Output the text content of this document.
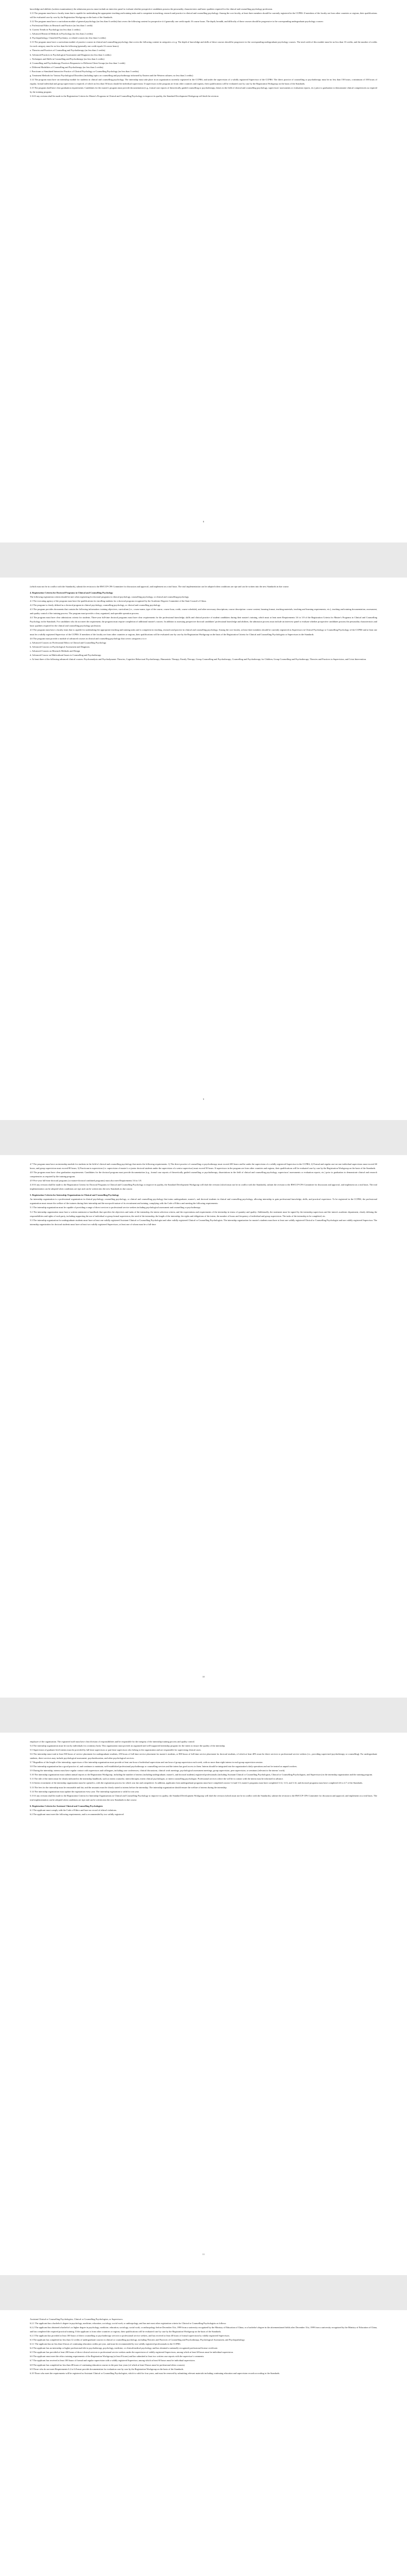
knowledge and abilities (written examinations); the admission process must include an interview panel to evaluate whether prospective candidates possess the personality characteristics and basic qualities required for the clinical and counselling psychology profession.

3.11 The program must have a faculty team that is capable for undertaking the appropriate teaching and training tasks and is competent in teaching, research and practice in clinical and counselling psychology. Among the core faculty, at least three members should be currently registered in the CCPRS. If members of the faculty are from other countries or regions, their qualifications will be evaluated case by case by the Registration Workgroup on the basis of the Standards.

3.12 The program must have a curriculum module of general psychology (no less than 6 credits) that covers the following content for prospective it if generally one credit equals 16 course hours. The depth, breadth, and difficulty of these courses should be progressive to the corresponding undergraduate psychology courses:

a. Professional Ethics in Research and Practice (no less than 1 credit)

b. Current Trends in Psychology (no less than 2 credits)

c. Advanced Research Methods in Psychology (no less than 2 credits)

d. Psychopathology, Classified Psychiatry, or related courses (no less than 2 credits)

3.13 The program must have a curriculum module of practice courses in clinical and counselling psychology that covers the following content in categories a to g. The depth of knowledge and skills of these courses should be progressive to the corresponding undergraduate psychology courses. The total credit of this module must be no less than 10 credits, and the number of credits for each category must be no less than the following (generally one credit equals 16 course hours):

a. Theories and Practices of Counselling and Psychotherapy (no less than 2 credits)

b. Advanced Practices in Psychological Assessment and Diagnosis (no less than 2 credits)

c. Techniques and Skills in Counselling and Psychotherapy (no less than 2 credits)

d. Counselling and Psychotherapy Practices Responsive to Different Client Groups (no less than 1 credit)

e. Different Modalities of Counselling and Psychotherapy (no less than 2 credits)

f. Practicum or Simulated Interactive Practice of Clinical Psychology or Counselling Psychology (no less than 3 credits)

g. Treatment Methods for Various Psychological Disorders (including topics on counselling and psychotherapy informed by Eastern and the Western cultures; no less than 2 credits)

3.14 The program must have an internship module for students in clinical and counselling psychology. The internship must take place in an organization currently registered in the CCPRS, and under the supervision of a validly registered Supervisor of the CCPRS. The direct practice of counselling or psychotherapy must be no less than 150 hours, a minimum of 100 hours of regular, formal individual and group supervision is required, of which no less than 50 hours should be individual supervision. If supervisors in the program are from other countries and regions, their qualifications will be evaluated case by case by the Registration Workgroup on the basis of the Standards.

3.15 The program shall have clear graduation requirements: Candidates for the master's program must provide documentation (e.g., formal case reports of theoretically guided counselling or psychotherapy, theses in the field of clinical and counselling psychology, supervisors' assessments or evaluation reports, etc.) prior to graduation to demonstrate clinical competencies as required by the training program.

3.16 If any revision shall be made to the Registration Criteria for Master's Programs in Clinical and Counselling Psychology to improve its quality, the Standard Development Workgroup will draft the revision

8

(which must not be in conflict with the Standards), submit the revision to the RWCCP-CPS Committee for discussion and approval, and implement on a trial basis. The trial implementation can be adopted when conditions are ripe and can be written into the new Standards in due course.

4. Registration Criteria for Doctoral Programs in Clinical and Counselling Psychology

The following registration criteria should be met when registering for doctoral programs in clinical psychology, counselling psychology, or clinical and counselling psychology.

4.1 The executing agency of the program must have the qualifications for enrolling students for a doctoral program recognized by the Academic Degrees Committee of the State Council of China.

4.2 The program is clearly defined as a doctoral program in clinical psychology, counselling psychology, or clinical and counselling psychology.

4.3 The program provides documents that contain the following information: training objectives, curriculum (i.e., course name, type of the course, course hour, credit, course schedule), and other necessary descriptions; course description: course content, learning format, teaching materials, teaching and learning requirements, etc.), teaching and training documentation, assessment, and quality control of the training process. The program must provide a clear, organized, and operable operation process.

4.4 The program must have clear admissions criteria for students. Three-year full-time doctoral programs must have clear requirements for the professional knowledge, skills and clinical practice of student candidates during their master's training, which must at least meet Requirements 3.6 to 3.9 of the Registration Criteria for Master's Programs in Clinical and Counselling Psychology in the Standards. For candidates who do not meet the requirement, the program must require completion of additional master's courses. In addition to assessing prospective doctoral candidates' professional knowledge and abilities, the admission process must include an interview panel to evaluate whether prospective candidates possess the personality characteristics and basic qualities required for the clinical and counselling psychology profession.

4.5 The program must have a faculty team that is capable for undertaking the appropriate teaching and training tasks and is competent in teaching, research and practice in clinical and counselling psychology. Among the core faculty, at least three members should be currently registered as Supervisors in Clinical Psychology or Counselling Psychology of the CCPRS and at least one must be a validly registered Supervisor of the CCPRS. If members of the faculty are from other countries or regions, their qualifications will be evaluated case by case by the Registration Workgroup on the basis of the Registration Criteria for Clinical and Counselling Psychologists or Supervisors in the Standards.

4.6 The program must provide a module of advanced courses in clinical and counselling psychology that covers categories a to e:

a. Advanced Courses on Professional Ethics in Clinical and Counselling Psychology

b. Advanced Courses on Psychological Assessment and Diagnosis

c. Advanced Courses on Research Methods and Design

d. Advanced Course on Multicultural Issues in Counselling and Psychotherapy

e. At least three of the following advanced clinical courses: Psychoanalysis and Psychodynamic Theories; Cognitive Behavioral Psychotherapy; Humanistic Therapy; Family Therapy; Group Counselling and Psychotherapy; Counselling and Psychotherapy for Children, Group Counselling and Psychotherapy; Theories and Practices in Supervision, and Crisis Intervention.

9

4.7 The program must have an internship module for students in the field of clinical and counselling psychology that meets the following requirements: 1) The direct practice of counselling or psychotherapy must exceed 200 hours and be under the supervision of a validly registered Supervisor in the CCPRS; 2) Formal and regular one-on-one individual supervision must exceed 60 hours, and group supervision must exceed 80 hours; 3) Practicum in supervision (i.e. supervision of master's or junior doctoral students under the supervision of a senior supervisor) must exceed 50 hours. If supervisors in the program are from other countries and regions, their qualifications will be evaluated case by case by the Registration Workgroup on the basis of the Standards.

4.8 The program must have clear graduation requirements: Candidates for the doctoral program must provide documentation (e.g., formal case reports of theoretically guided counselling or psychotherapy, dissertations in the field of clinical and counselling psychology, supervisors' assessments or evaluation reports, etc.) prior to graduation to demonstrate clinical and research competencies as required by the training program.

4.9 Five-year full-time doctoral programs (or master-doctoral combined programs) must also meet Requirements 3.6 to 3.9.

4.10 If any revision shall be made to the Registration Criteria for Doctoral Programs in Clinical and Counselling Psychology to improve its quality, the Standard Development Workgroup will draft the revision (which must not be in conflict with the Standards), submit the revision to the RWCCP-CPS Committee for discussion and approval, and implement on a trial basis. The trial implementation can be adopted when conditions are ripe and can be written into the new Standards in due course.

5. Registration Criteria for Internship Organizations in Clinical and Counselling Psychology

An internship organization is a professional organization in clinical psychology, counselling psychology, or clinical and counselling psychology that trains undergraduate, master's, and doctoral students in clinical and counselling psychology, allowing internship to gain professional knowledge, skills, and practical experience. To be registered in the CCPRS, the professional organization must ensure the welfare of the trainees during their internship and the non-profit nature of its recruitment and training, complying with the Code of Ethics and meeting the following requirements:

5.1 The internship organization must be capable of providing a range of direct services to professional service seekers including psychological assessment and counselling or psychotherapy.

5.2 The internship organization must have a written statement or handbook that specifies the objectives and tasks of the internship, the intern selection criteria, and the expectations and requirements of the internship in terms of quantity and quality. Additionally, the statement must be signed by the internship supervisors and the intern's academic department, clearly defining the responsibilities and rights of each party, including supporting the use of individual or group formal supervision, the need of the internship, the length of the internship, the rights and obligations of the intern, the number of hours and frequency of individual and group supervision. The tasks of the internship to be completed, etc.

5.3 The internship organization for undergraduate students must have at least one validly registered Assistant Clinical or Counselling Psychologist and other validly registered Clinical or Counselling Psychologists. The internship organization for master's students must have at least one validly registered Clinical or Counselling Psychologist and one validly registered Supervisor. The internship organization for doctoral students must have at least two validly registered Supervisors, at least one of whom must be a full-time

10

employee of the organization. The registered staff must have clear division of responsibilities and be responsible for the integrity of the internship training process and quality control.

5.4 The internship organization must be run by individuals for a ministry body. This organization must provide an organized and well-supported internship program for the intern to ensure the quality of the internship.

5.5 Supervision of graduate level interns must be provided by full-time supervisors or part-time supervisors who belong to the organization and are responsible for supervising clinical cases.

5.6 The internship must total at least 500 hours of service placement for undergraduate students, 250 hours of full-time service placement for master's students, or 800 hours of full-time service placement for doctoral students, of which at least 40% must be direct services to professional service seekers (i.e., providing supervised psychotherapy or counselling). For undergraduate students, direct services may include psychological assessment, psychoeducation, and other psychological services.

5.7 Regardless of the length of the internship, supervisors of the internship organization must provide at least one hour of individual supervision and one hour of group supervision each week, with no more than eight interns in each group supervision session.

5.8 The internship organization has a good practice of, and continues to maintain, well-established professional psychotherapy or counselling services and the intern has good access to them. Interns should be integrated into the organization's daily operations and not be treated as unpaid workers.

5.9 During the internship, interns must have regular contact with supervisors and colleagues, including case conferences, clinical discussions, clinical work meetings, psychological assessment meetings, group supervision, peer supervision, or seminars (relevant to the interns' work).

5.10 The internship organization must submit annual reports to the Registration Workgroup, including the number of interns (including undergraduate, master's, and doctoral students) registered professionals (including Assistant Clinical or Counselling Psychologists, Clinical or Counselling Psychologists, and Supervisors) in the internship organization and the training program.

5.11 The title of the intern must be clearly indicated in the internship handbook, such as intern counselor, intern therapist, intern clinical psychologist, or intern counselling psychologist. Professional services where the will be in contact with the intern must be informed in advance.

5.12 Intern recruitment of the internship organization must be opened to, with the registration process for which was fair and competitive. In addition, applicants from undergraduate programs must have completed courses 3.4 and 3.5; master's programs must have completed 3.12, 3.13, and 3.14; and doctoral programs must have completed 4.6 to 4.7 of the Standards.

5.13 The fees for the internship must be reasonable and fair, and the amounts must be clearly stated to interns before the internship. The internship organization should ensure the welfare of interns during the internship.

5.14 The internship organization must update the registration every year. The internship registration is valid for one year.

5.15 If any revision shall be made to the Registration Criteria for Internship Organizations in Clinical and Counselling Psychology to improve its quality, the Standard Development Workgroup will draft the revision (which must not be in conflict with the Standards), submit the revision to the RWCCP-CPS Committee for discussion and approval, and implement on a trial basis. The trial implementation can be adopted when conditions are ripe and can be written into the new Standards in due course.

6. Registration Criteria for Assistant Clinical and Counselling Psychologists

6.1 The applicant must comply with the Code of Ethics and have no record of ethical violations.

6.2 The applicant must meet the following requirements, and is recommended by two validly registered

11

Assistant Clinical or Counselling Psychologists, Clinical or Counselling Psychologists, or Supervisors:

6.2.1 The applicant has a bachelor's degree in psychology, medicine, education, sociology, social work, or anthropology, and has met most other registration criteria for Clinical or Counselling Psychologists as follows:

6.2.2 The applicant has obtained a bachelor's or higher degree in psychology, medicine, education, sociology, social work, or anthropology before December 31st, 1999 from a university recognized by the Ministry of Education of China, or a bachelor's degree in the aforementioned fields after December 31st, 1999 from a university recognized by the Ministry of Education of China, and has completed the required practical training. If the applicant is from other countries or regions, their qualifications will be evaluated case by case by the Registration Workgroup on the basis of the Standards.

6.2.3 The applicant has provided at least 100 hours of direct counselling or psychotherapy services to professional service seekers, and has received at least 40 hours of formal supervision by validly registered Supervisors.

6.3 The applicant has completed no less than 12 credits of undergraduate courses in clinical or counselling psychology, including Theories and Practices of Counselling and Psychotherapy, Psychological Assessment, and Psychopathology.

6.3.1 The applicant has no less than 6 hours of continuing education credits per year, and must be recommended by two validly registered professionals in the CCPRS.

6.4 The applicant has an internship or higher professional title in psychotherapy, psychology, medicine, or clinical/medical psychology and has obtained a nationally recognized professional license certificate.

6.5 The applicant has provided at least 200 hours of direct clinical services to professional service seekers under the supervision of validly registered Supervisors, among which at least 60 hours must be individual supervision.

6.6 The applicant must meet the ethics training requirements of the Registration Workgroup (at least 8 hours) and has submitted at least two written case reports with the supervisor's comments.

6.7 The applicant has received at least 100 hours of formal and regular supervision with a validly registered Supervisor, among which at least 60 hours must be individual supervision.

6.8 The applicant has completed no less than 48 hours of continuing education courses in the past four years (of which at least 8 hours must be professional ethics courses).

6.9 Those who do not meet Requirements 6.2 to 6.8 must provide documentation for evaluation case by case by the Registration Workgroup on the basis of the Standards.

6.10 Those who meet the requirements will be registered as Assistant Clinical or Counselling Psychologists, which is valid for four years, and must be renewed by submitting relevant materials including continuing education and supervision records according to the Standards.
